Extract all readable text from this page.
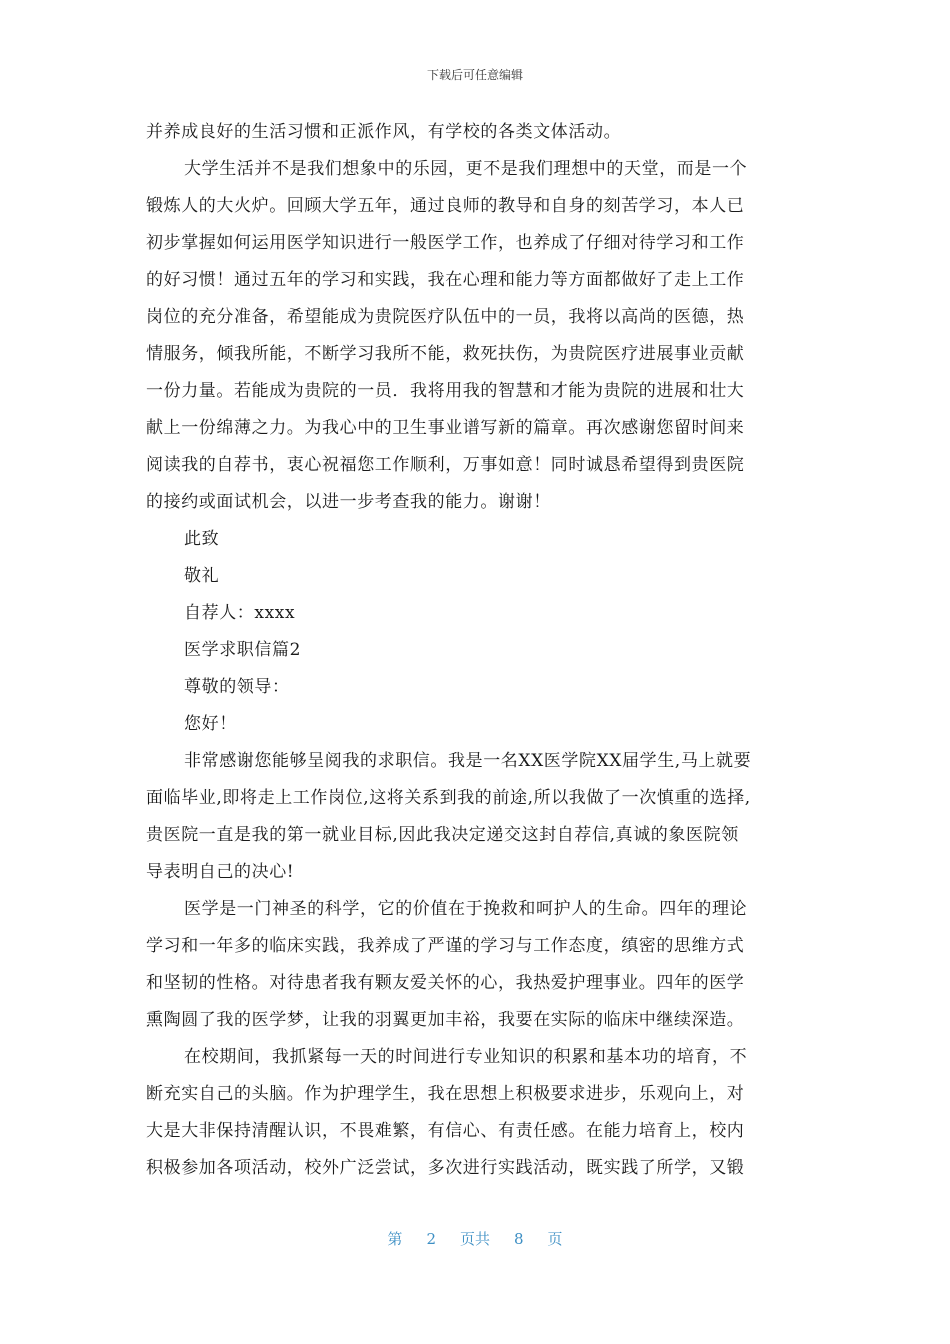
下载后可任意编辑
并养成良好的生活习惯和正派作风，有学校的各类文体活动。
大学生活并不是我们想象中的乐园，更不是我们理想中的天堂，而是一个
锻炼人的大火炉。回顾大学五年，通过良师的教导和自身的刻苦学习，本人已
初步掌握如何运用医学知识进行一般医学工作，也养成了仔细对待学习和工作
的好习惯！通过五年的学习和实践，我在心理和能力等方面都做好了走上工作
岗位的充分准备，希望能成为贵院医疗队伍中的一员，我将以高尚的医德，热
情服务，倾我所能，不断学习我所不能，救死扶伤，为贵院医疗进展事业贡献
一份力量。若能成为贵院的一员．我将用我的智慧和才能为贵院的进展和壮大
献上一份绵薄之力。为我心中的卫生事业谱写新的篇章。再次感谢您留时间来
阅读我的自荐书，衷心祝福您工作顺利，万事如意！同时诚恳希望得到贵医院
的接约或面试机会，以进一步考查我的能力。谢谢！
此致
敬礼
自荐人：xxxx
医学求职信篇2
尊敬的领导：
您好！
非常感谢您能够呈阅我的求职信。我是一名XX医学院XX届学生,马上就要
面临毕业,即将走上工作岗位,这将关系到我的前途,所以我做了一次慎重的选择,
贵医院一直是我的第一就业目标,因此我决定递交这封自荐信,真诚的象医院领
导表明自己的决心!
医学是一门神圣的科学，它的价值在于挽救和呵护人的生命。四年的理论
学习和一年多的临床实践，我养成了严谨的学习与工作态度，缜密的思维方式
和坚韧的性格。对待患者我有颗友爱关怀的心，我热爱护理事业。四年的医学
熏陶圆了我的医学梦，让我的羽翼更加丰裕，我要在实际的临床中继续深造。
在校期间，我抓紧每一天的时间进行专业知识的积累和基本功的培育，不
断充实自己的头脑。作为护理学生，我在思想上积极要求进步，乐观向上，对
大是大非保持清醒认识，不畏难繁，有信心、有责任感。在能力培育上，校内
积极参加各项活动，校外广泛尝试，多次进行实践活动，既实践了所学，又锻
第 2 页共 8 页
